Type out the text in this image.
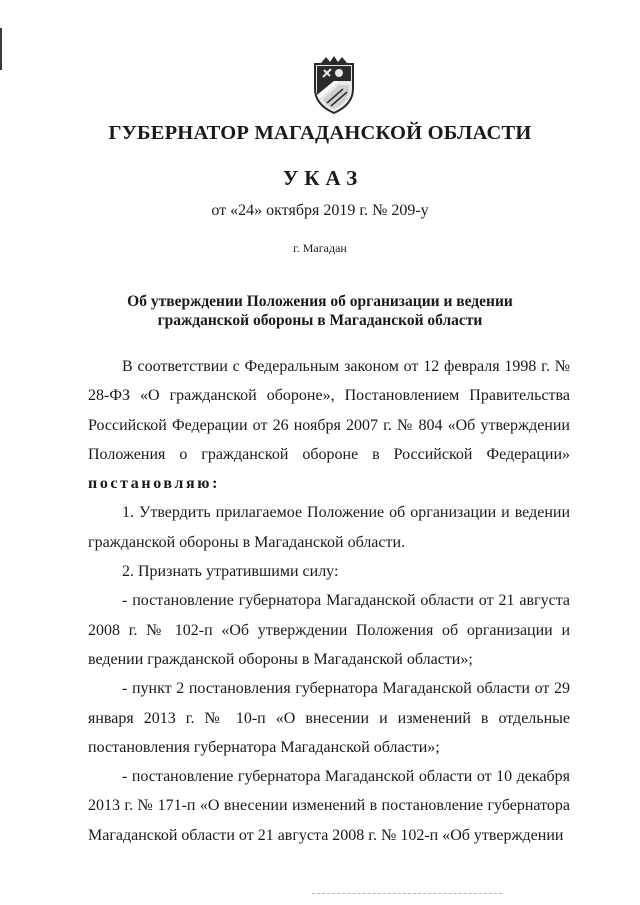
ГУБЕРНАТОР МАГАДАНСКОЙ ОБЛАСТИ
УКАЗ
от «24» октября 2019 г. № 209-у
г. Магадан
Об утверждении Положения об организации и ведении
гражданской обороны в Магаданской области

В соответствии с Федеральным законом от 12 февраля 1998 г. № 28-ФЗ «О гражданской обороне», Постановлением Правительства Российской Федерации от 26 ноября 2007 г. № 804 «Об утверждении Положения о гражданской обороне в Российской Федерации» постановляю:

1. Утвердить прилагаемое Положение об организации и ведении гражданской обороны в Магаданской области.

2. Признать утратившими силу:

- постановление губернатора Магаданской области от 21 августа 2008 г. № 102-п «Об утверждении Положения об организации и ведении гражданской обороны в Магаданской области»;

- пункт 2 постановления губернатора Магаданской области от 29 января 2013 г. № 10-п «О внесении и изменений в отдельные постановления губернатора Магаданской области»;

- постановление губернатора Магаданской области от 10 декабря 2013 г. № 171-п «О внесении изменений в постановление губернатора Магаданской области от 21 августа 2008 г. № 102-п «Об утверждении
